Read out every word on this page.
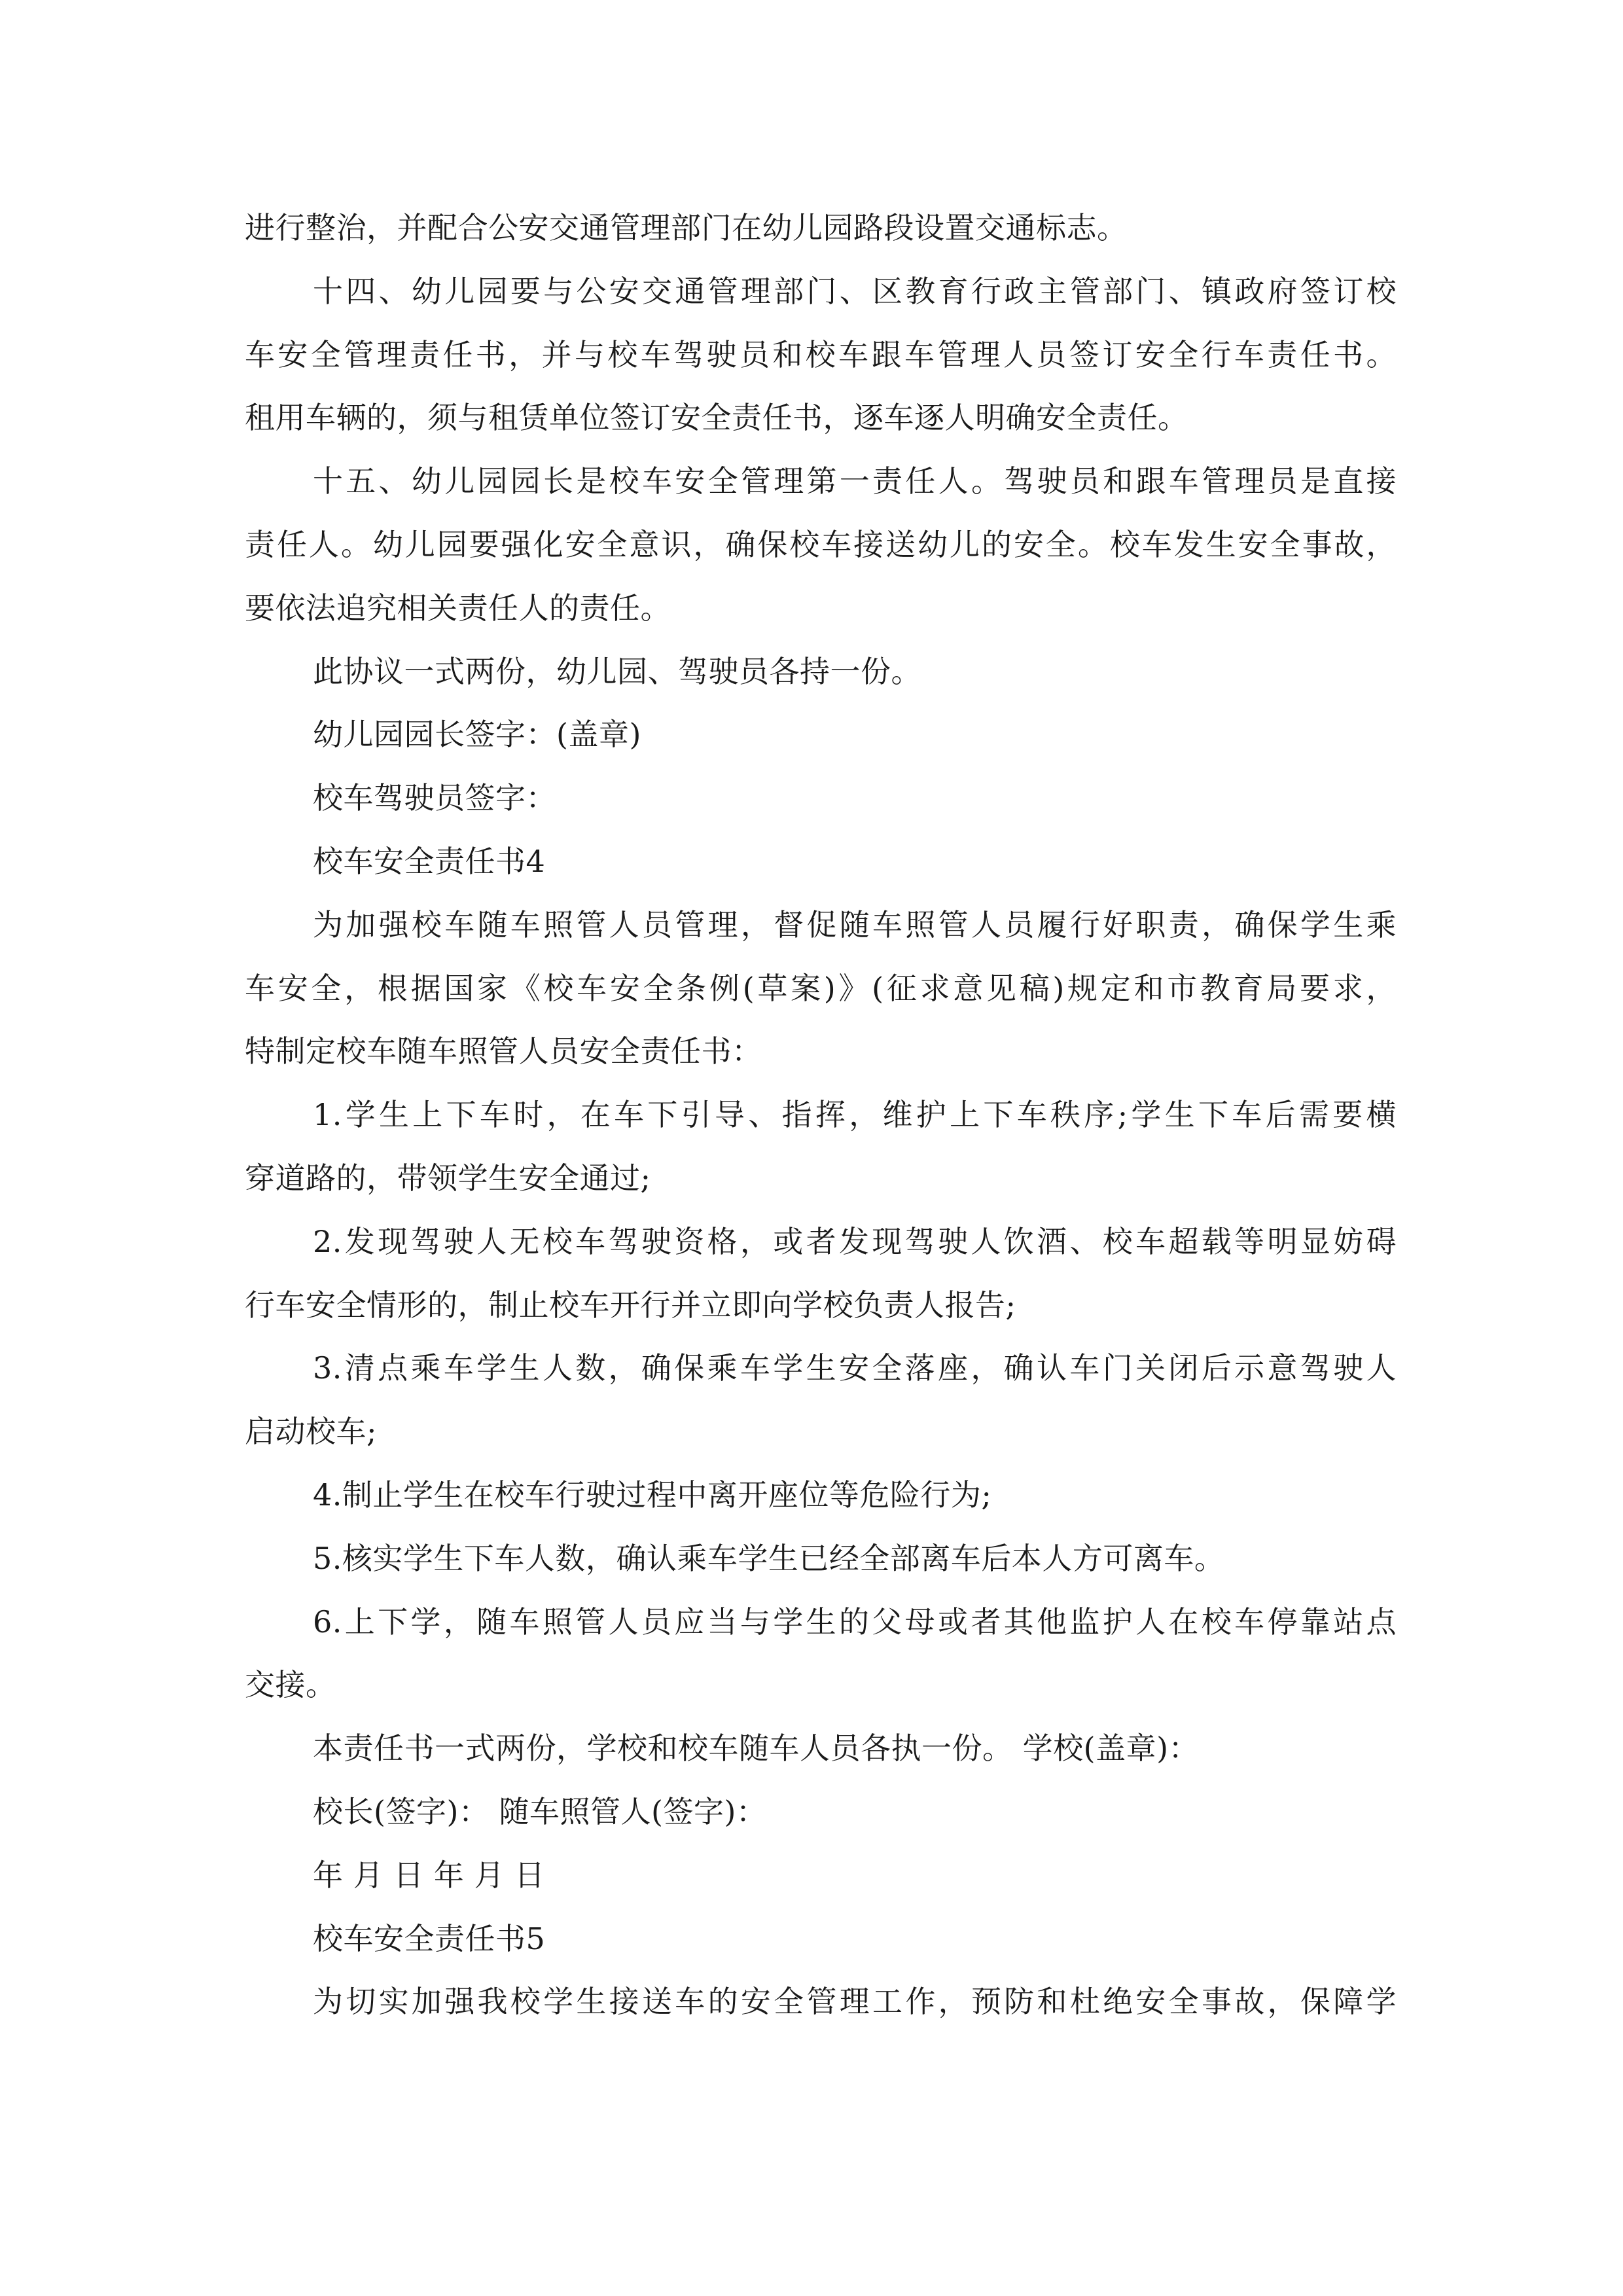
进行整治，并配合公安交通管理部门在幼儿园路段设置交通标志。
十四、幼儿园要与公安交通管理部门、区教育行政主管部门、镇政府签订校
车安全管理责任书，并与校车驾驶员和校车跟车管理人员签订安全行车责任书。
租用车辆的，须与租赁单位签订安全责任书，逐车逐人明确安全责任。
十五、幼儿园园长是校车安全管理第一责任人。驾驶员和跟车管理员是直接
责任人。幼儿园要强化安全意识，确保校车接送幼儿的安全。校车发生安全事故，
要依法追究相关责任人的责任。
此协议一式两份，幼儿园、驾驶员各持一份。
幼儿园园长签字：(盖章)
校车驾驶员签字：
校车安全责任书4
为加强校车随车照管人员管理，督促随车照管人员履行好职责，确保学生乘
车安全，根据国家《校车安全条例(草案)》(征求意见稿)规定和市教育局要求，
特制定校车随车照管人员安全责任书：
1.学生上下车时，在车下引导、指挥，维护上下车秩序;学生下车后需要横
穿道路的，带领学生安全通过;
2.发现驾驶人无校车驾驶资格，或者发现驾驶人饮酒、校车超载等明显妨碍
行车安全情形的，制止校车开行并立即向学校负责人报告;
3.清点乘车学生人数，确保乘车学生安全落座，确认车门关闭后示意驾驶人
启动校车;
4.制止学生在校车行驶过程中离开座位等危险行为;
5.核实学生下车人数，确认乘车学生已经全部离车后本人方可离车。
6.上下学，随车照管人员应当与学生的父母或者其他监护人在校车停靠站点
交接。
本责任书一式两份，学校和校车随车人员各执一份。 学校(盖章)：
校长(签字)： 随车照管人(签字)：
年 月 日 年 月 日
校车安全责任书5
为切实加强我校学生接送车的安全管理工作，预防和杜绝安全事故，保障学
